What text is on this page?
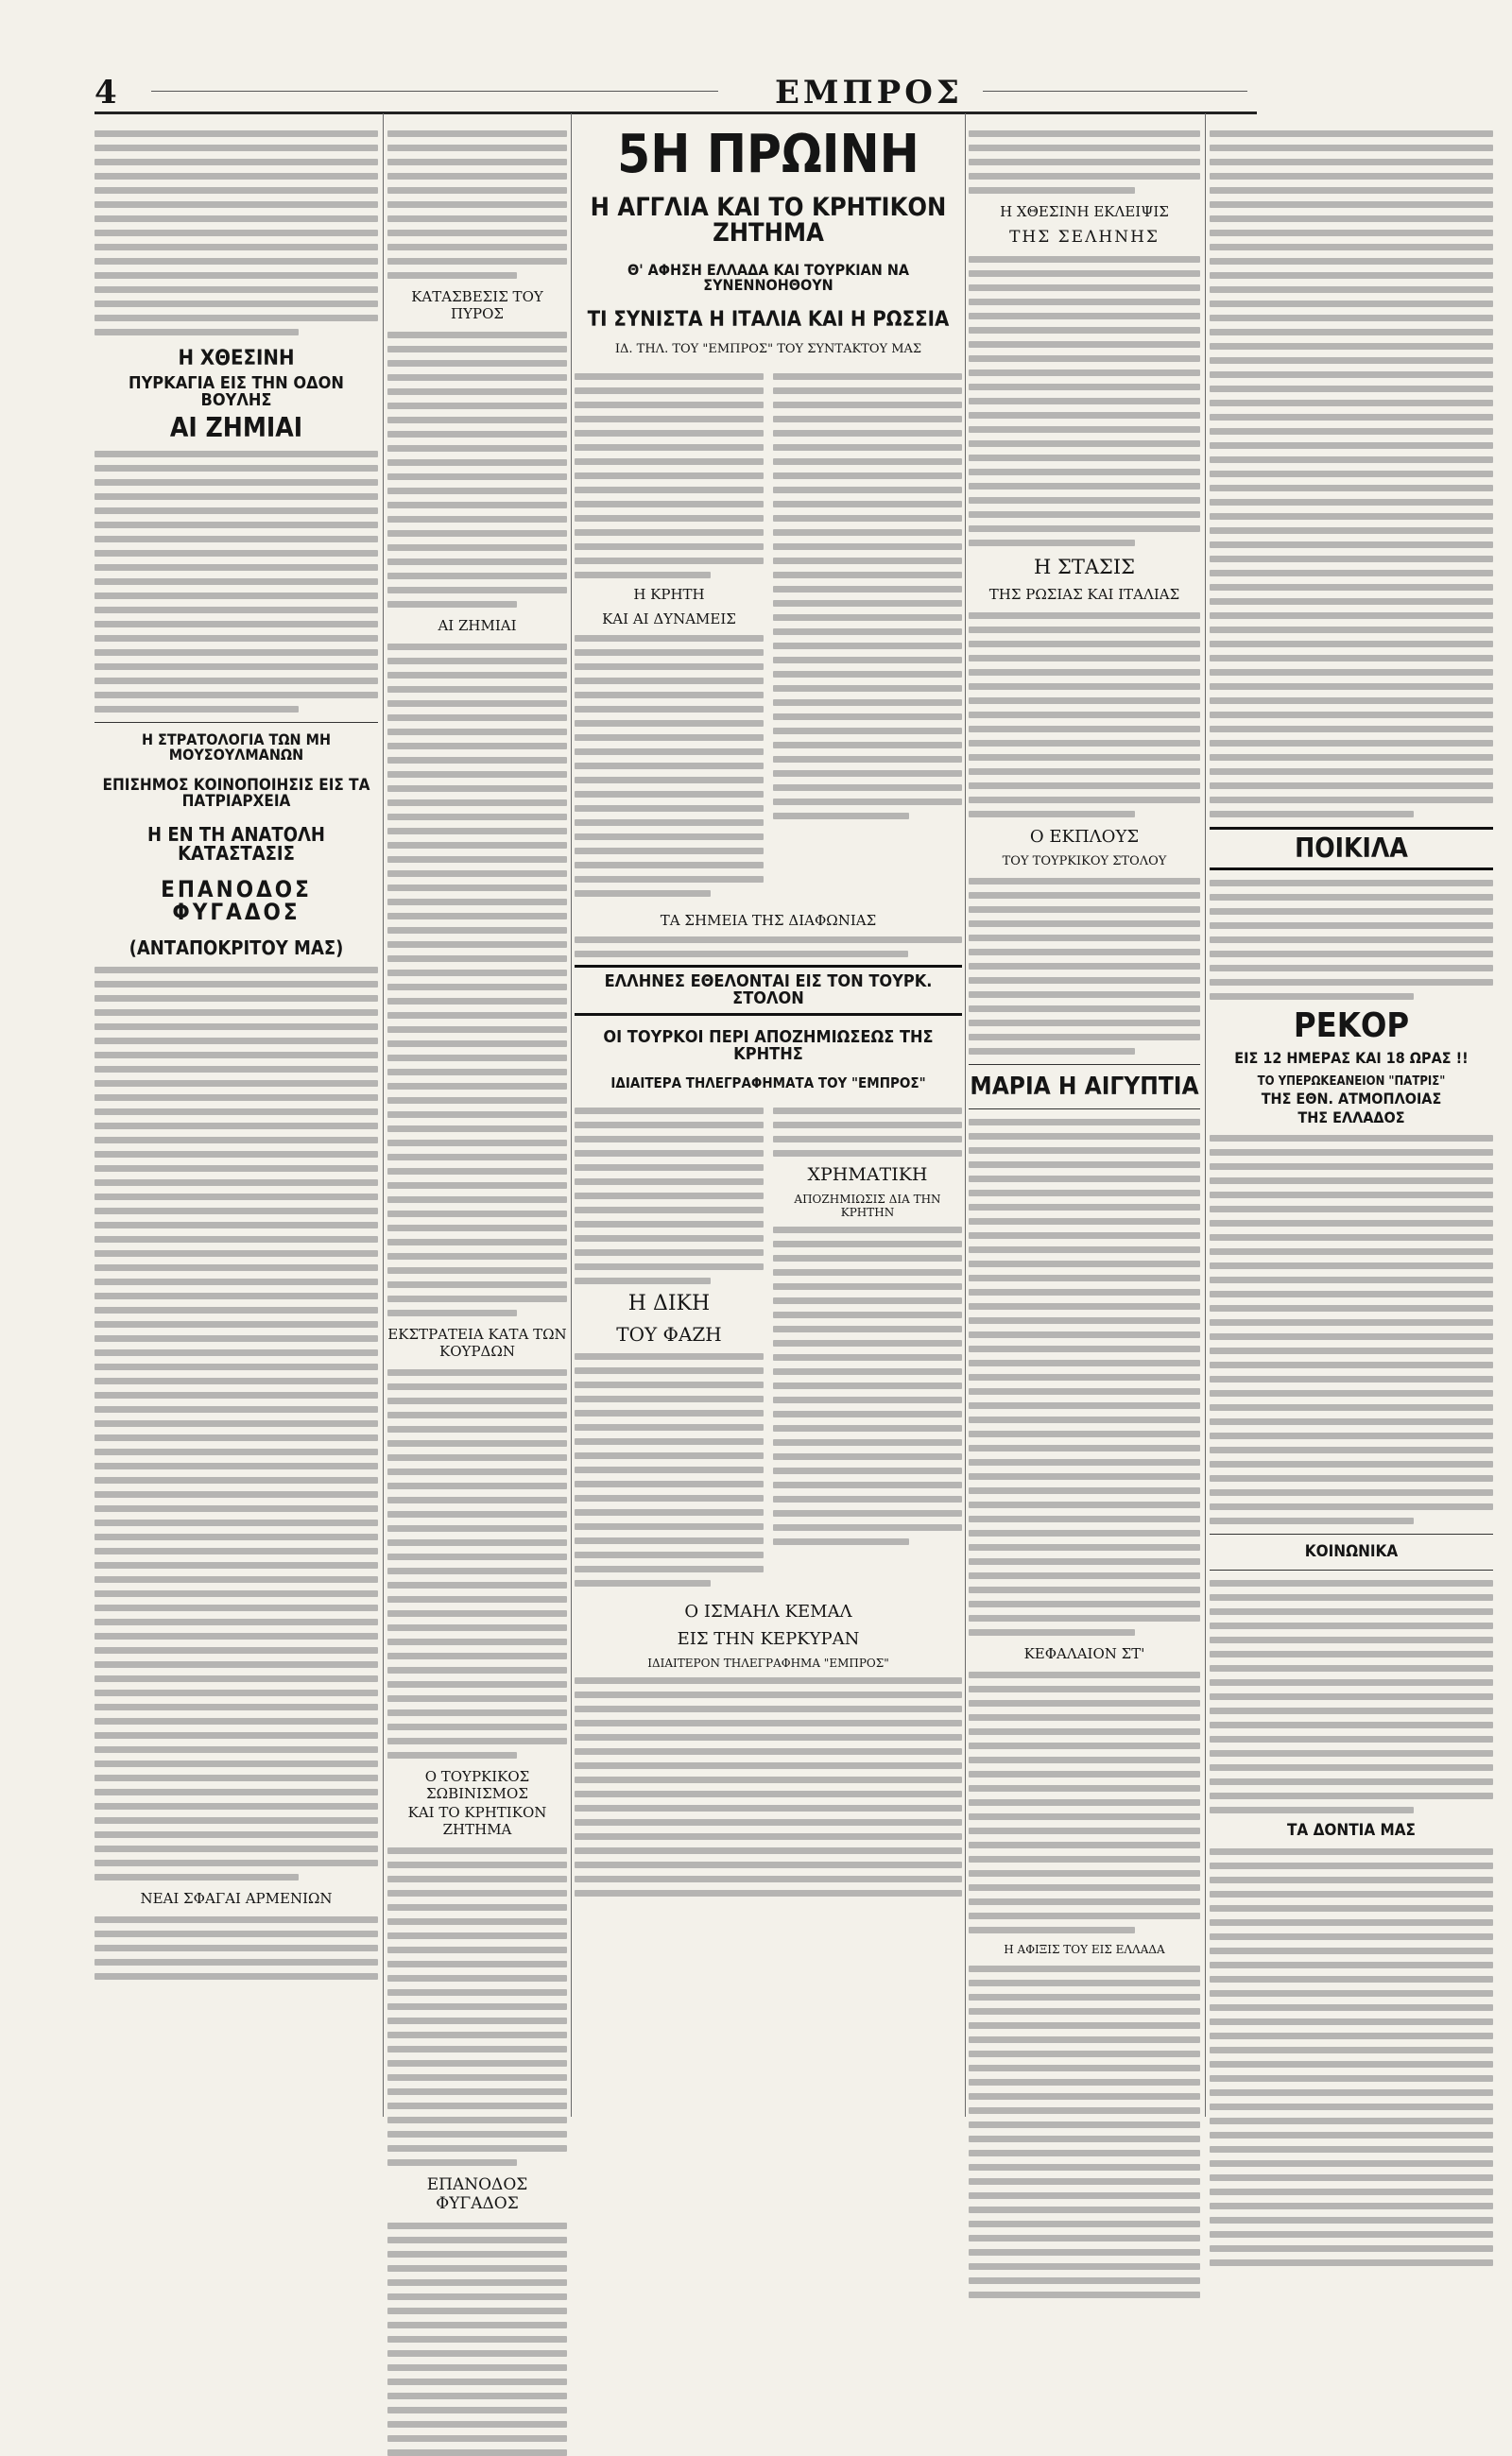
4	ΕΜΠΡΟΣ
Η ΧΘΕΣΙΝΗ
ΠΥΡΚΑΓΙΑ ΕΙΣ ΤΗΝ ΟΔΟΝ ΒΟΥΛΗΣ
ΑΙ ΖΗΜΙΑΙ
Η ΣΤΡΑΤΟΛΟΓΙΑ ΤΩΝ ΜΗ ΜΟΥΣΟΥΛΜΑΝΩΝ
ΕΠΙΣΗΜΟΣ ΚΟΙΝΟΠΟΙΗΣΙΣ ΕΙΣ ΤΑ ΠΑΤΡΙΑΡΧΕΙΑ
Η ΕΝ ΤΗ ΑΝΑΤΟΛΗ ΚΑΤΑΣΤΑΣΙΣ
ΕΠΑΝΟΔΟΣ ΦΥΓΑΔΟΣ
(ΑΝΤΑΠΟΚΡΙΤΟΥ ΜΑΣ)
ΝΕΑΙ ΣΦΑΓΑΙ ΑΡΜΕΝΙΩΝ
ΚΑΤΑΣΒΕΣΙΣ ΤΟΥ ΠΥΡΟΣ
ΑΙ ΖΗΜΙΑΙ
ΕΚΣΤΡΑΤΕΙΑ ΚΑΤΑ ΤΩΝ ΚΟΥΡΔΩΝ
Ο ΤΟΥΡΚΙΚΟΣ ΣΩΒΙΝΙΣΜΟΣ
ΚΑΙ ΤΟ ΚΡΗΤΙΚΟΝ ΖΗΤΗΜΑ
ΕΠΑΝΟΔΟΣ ΦΥΓΑΔΟΣ
5Η ΠΡΩΙΝΗ
Η ΑΓΓΛΙΑ ΚΑΙ ΤΟ ΚΡΗΤΙΚΟΝ ΖΗΤΗΜΑ
Θ' ΑΦΗΣΗ ΕΛΛΑΔΑ ΚΑΙ ΤΟΥΡΚΙΑΝ ΝΑ ΣΥΝΕΝΝΟΗΘΟΥΝ
ΤΙ ΣΥΝΙΣΤΑ Η ΙΤΑΛΙΑ ΚΑΙ Η ΡΩΣΣΙΑ
ΙΔ. ΤΗΛ. ΤΟΥ "ΕΜΠΡΟΣ" ΤΟΥ ΣΥΝΤΑΚΤΟΥ ΜΑΣ
Η ΚΡΗΤΗ
ΚΑΙ ΑΙ ΔΥΝΑΜΕΙΣ
ΤΑ ΣΗΜΕΙΑ ΤΗΣ ΔΙΑΦΩΝΙΑΣ
ΕΛΛΗΝΕΣ ΕΘΕΛΟΝΤΑΙ ΕΙΣ ΤΟΝ ΤΟΥΡΚ. ΣΤΟΛΟΝ
ΟΙ ΤΟΥΡΚΟΙ ΠΕΡΙ ΑΠΟΖΗΜΙΩΣΕΩΣ ΤΗΣ ΚΡΗΤΗΣ
ΙΔΙΑΙΤΕΡΑ ΤΗΛΕΓΡΑΦΗΜΑΤΑ ΤΟΥ "ΕΜΠΡΟΣ"
Η ΔΙΚΗ
ΤΟΥ ΦΑΖΗ
ΧΡΗΜΑΤΙΚΗ
ΑΠΟΖΗΜΙΩΣΙΣ ΔΙΑ ΤΗΝ ΚΡΗΤΗΝ
Ο ΙΣΜΑΗΛ ΚΕΜΑΛ
ΕΙΣ ΤΗΝ ΚΕΡΚΥΡΑΝ
ΙΔΙΑΙΤΕΡΟΝ ΤΗΛΕΓΡΑΦΗΜΑ "ΕΜΠΡΟΣ"
Η ΧΘΕΣΙΝΗ ΕΚΛΕΙΨΙΣ
ΤΗΣ ΣΕΛΗΝΗΣ
Η ΣΤΑΣΙΣ
ΤΗΣ ΡΩΣΙΑΣ ΚΑΙ ΙΤΑΛΙΑΣ
Ο ΕΚΠΛΟΥΣ
ΤΟΥ ΤΟΥΡΚΙΚΟΥ ΣΤΟΛΟΥ
ΜΑΡΙΑ Η ΑΙΓΥΠΤΙΑ
ΚΕΦΑΛΑΙΟΝ ΣΤ'
Η ΑΦΙΞΙΣ ΤΟΥ ΕΙΣ ΕΛΛΑΔΑ
ΠΟΙΚΙΛΑ
ΡΕΚΟΡ
ΕΙΣ 12 ΗΜΕΡΑΣ ΚΑΙ 18 ΩΡΑΣ !!
ΤΟ ΥΠΕΡΩΚΕΑΝΕΙΟΝ "ΠΑΤΡΙΣ"
ΤΗΣ ΕΘΝ. ΑΤΜΟΠΛΟΙΑΣ
ΤΗΣ ΕΛΛΑΔΟΣ
ΚΟΙΝΩΝΙΚΑ
ΤΑ ΔΟΝΤΙΑ ΜΑΣ
